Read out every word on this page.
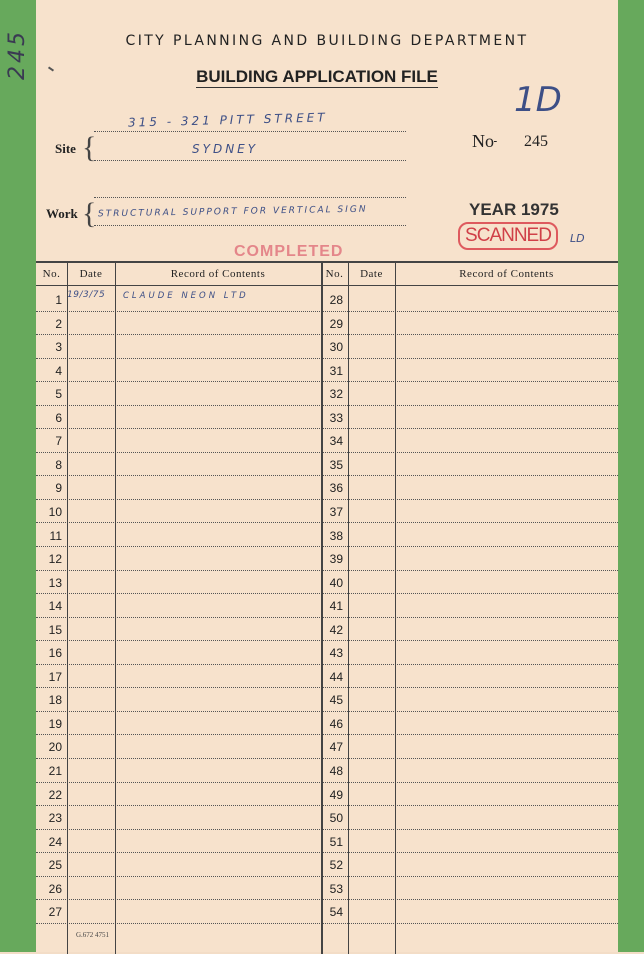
245	CITY PLANNING AND BUILDING DEPARTMENT
BUILDING APPLICATION FILE
1D
Site {
315 - 321 PITT STREET
SYDNEY
Work { STRUCTURAL SUPPORT FOR VERTICAL SIGN
No 245
YEAR 1975
SCANNED	LD
COMPLETED
No.	Date	Record of Contents	No.	Date	Record of Contents
1 19/3/75	CLAUDE NEON LTD	28
2	29
3	30
4	31
5	32
6	33
7	34
8	35
9	36
10	37
11	38
12	39
13	40
14	41
15	42
16	43
17	44
18	45
19	46
20	47
21	48
22	49
23	50
24	51
25	52
26	53
27	54
G.672 4751
